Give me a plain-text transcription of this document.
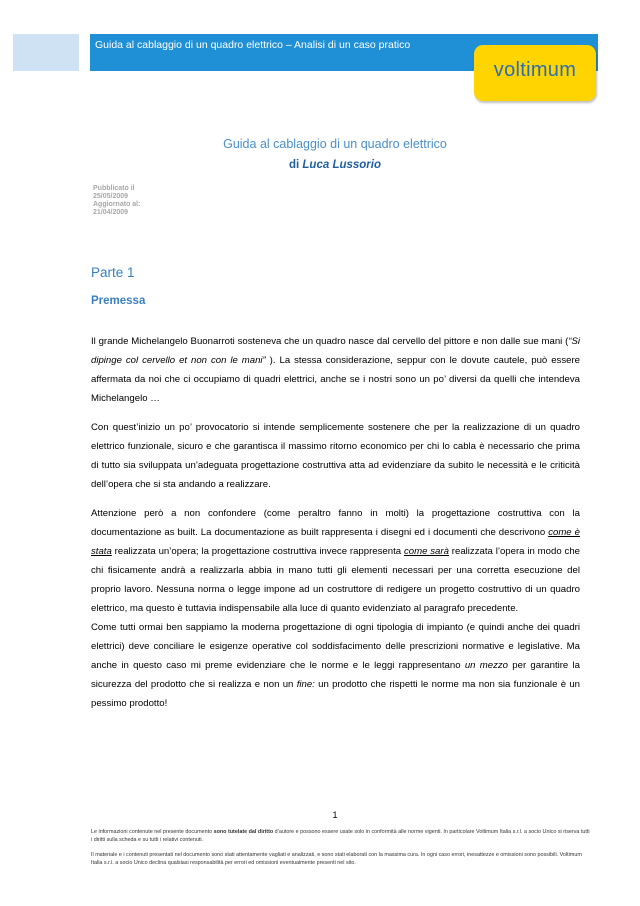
Guida al cablaggio di un quadro elettrico – Analisi di un caso pratico
voltimum
Guida al cablaggio di un quadro elettrico
di Luca Lussorio
Pubblicato il
25/05/2009
Aggiornato al:
21/04/2009
Parte 1
Premessa

Il grande Michelangelo Buonarroti sosteneva che un quadro nasce dal cervello del pittore e non dalle sue mani (“Si dipinge col cervello et non con le mani” ). La stessa considerazione, seppur con le dovute cautele, può essere affermata da noi che ci occupiamo di quadri elettrici, anche se i nostri sono un po’ diversi da quelli che intendeva Michelangelo …

Con quest’inizio un po’ provocatorio si intende semplicemente sostenere che per la realizzazione di un quadro elettrico funzionale, sicuro e che garantisca il massimo ritorno economico per chi lo cabla è necessario che prima di tutto sia sviluppata un’adeguata progettazione costruttiva atta ad evidenziare da subito le necessità e le criticità dell’opera che si sta andando a realizzare.

Attenzione però a non confondere (come peraltro fanno in molti) la progettazione costruttiva con la documentazione as built. La documentazione as built rappresenta i disegni ed i documenti che descrivono come è stata realizzata un’opera; la progettazione costruttiva invece rappresenta come sarà realizzata l’opera in modo che chi fisicamente andrà a realizzarla abbia in mano tutti gli elementi necessari per una corretta esecuzione del proprio lavoro. Nessuna norma o legge impone ad un costruttore di redigere un progetto costruttivo di un quadro elettrico, ma questo è tuttavia indispensabile alla luce di quanto evidenziato al paragrafo precedente.

Come tutti ormai ben sappiamo la moderna progettazione di ogni tipologia di impianto (e quindi anche dei quadri elettrici) deve conciliare le esigenze operative col soddisfacimento delle prescrizioni normative e legislative. Ma anche in questo caso mi preme evidenziare che le norme e le leggi rappresentano un mezzo per garantire la sicurezza del prodotto che si realizza e non un fine: un prodotto che rispetti le norme ma non sia funzionale è un pessimo prodotto!

1
Le informazioni contenute nel presente documento sono tutelate dal diritto d’autore e possono essere usate solo in conformità alle norme vigenti. In particolare Voltimum Italia s.r.l. a socio Unico si riserva tutti i diritti sulla scheda e su tutti i relativi contenuti.
Il materiale e i contenuti presentati nel documento sono stati attentamente vagliati e analizzati, e sono stati elaborati con la massima cura. In ogni caso errori, inesattezze e omissioni sono possibili. Voltimum Italia s.r.l. a socio Unico declina qualsiasi responsabilità per errori ed omissioni eventualmente presenti nel sito.
